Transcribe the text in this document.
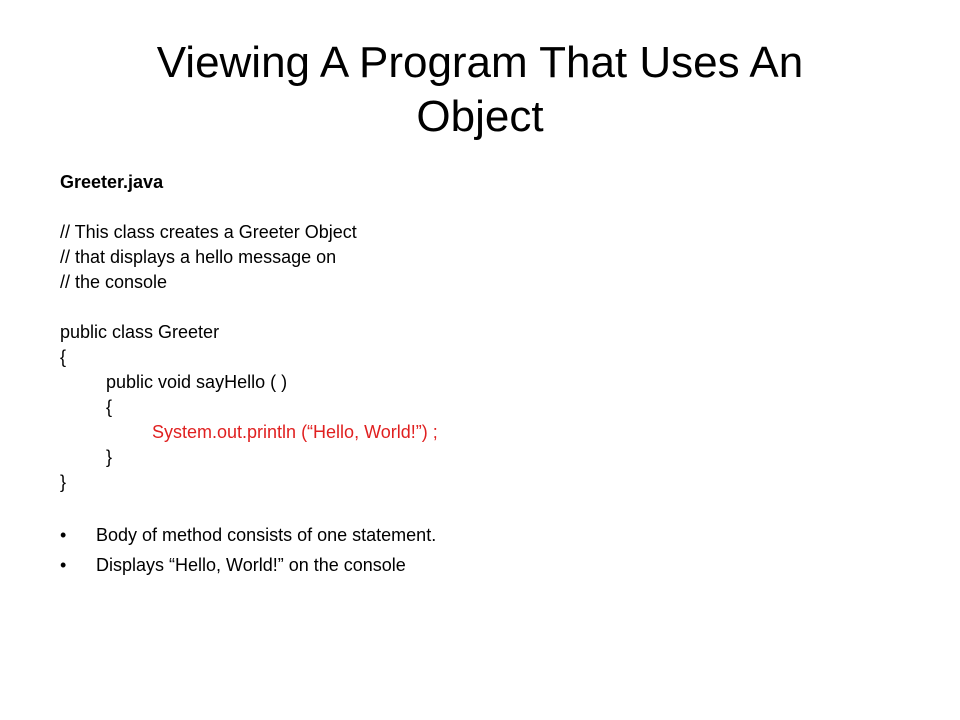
Viewing A Program That Uses An Object
Greeter.java
// This class creates a Greeter Object
// that displays a hello message on
// the console
public class Greeter
{
public void sayHello ( )
{
System.out.println (“Hello, World!”) ;
}
}
•	Body of method consists of one statement.
•	Displays “Hello, World!” on the console
